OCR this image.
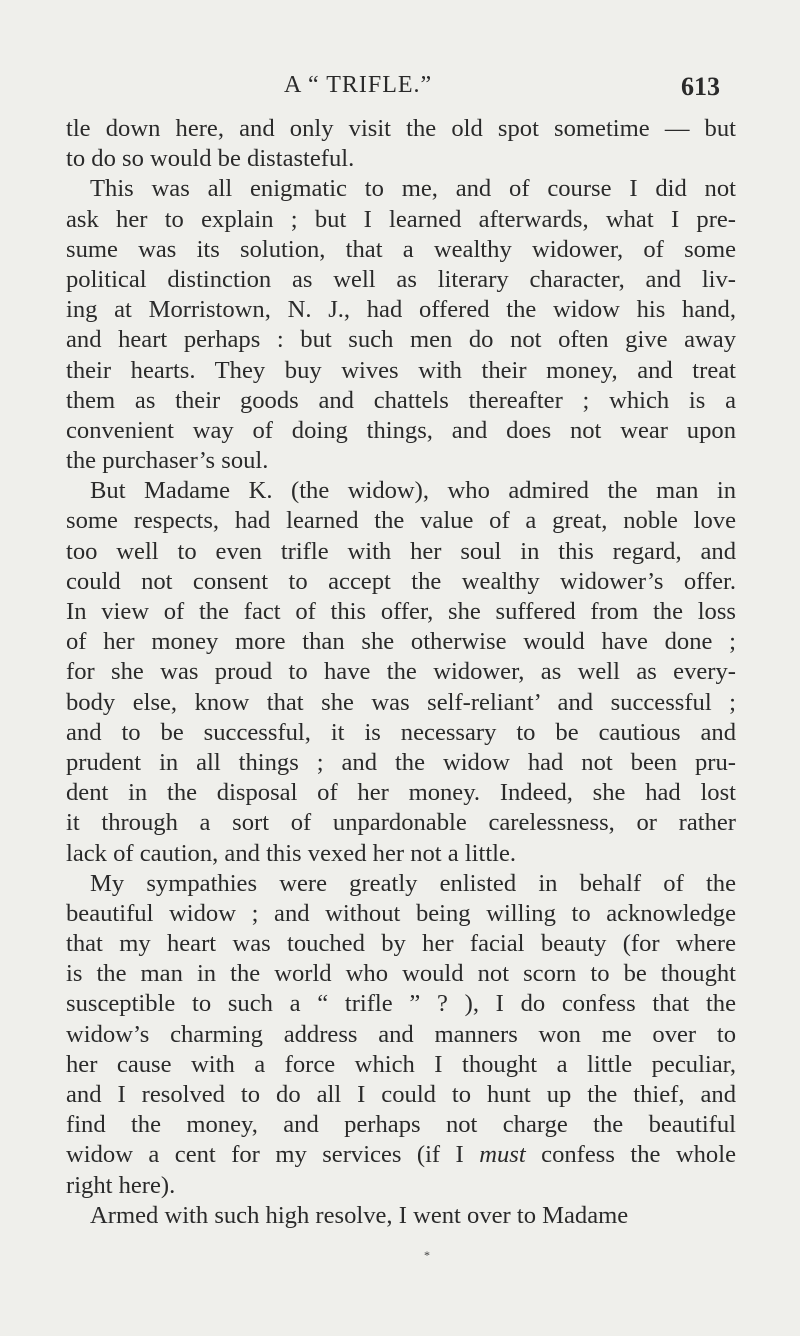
A “ TRIFLE.”	613
tle down here, and only visit the old spot sometime — but
to do so would be distasteful.
This was all enigmatic to me, and of course I did not
ask her to explain ; but I learned afterwards, what I pre-
sume was its solution, that a wealthy widower, of some
political distinction as well as literary character, and liv-
ing at Morristown, N. J., had offered the widow his hand,
and heart perhaps : but such men do not often give away
their hearts. They buy wives with their money, and treat
them as their goods and chattels thereafter ; which is a
convenient way of doing things, and does not wear upon
the purchaser’s soul.
But Madame K. (the widow), who admired the man in
some respects, had learned the value of a great, noble love
too well to even trifle with her soul in this regard, and
could not consent to accept the wealthy widower’s offer.
In view of the fact of this offer, she suffered from the loss
of her money more than she otherwise would have done ;
for she was proud to have the widower, as well as every-
body else, know that she was self-reliant’ and successful ;
and to be successful, it is necessary to be cautious and
prudent in all things ; and the widow had not been pru-
dent in the disposal of her money. Indeed, she had lost
it through a sort of unpardonable carelessness, or rather
lack of caution, and this vexed her not a little.
My sympathies were greatly enlisted in behalf of the
beautiful widow ; and without being willing to acknowledge
that my heart was touched by her facial beauty (for where
is the man in the world who would not scorn to be thought
susceptible to such a “ trifle ” ? ), I do confess that the
widow’s charming address and manners won me over to
her cause with a force which I thought a little peculiar,
and I resolved to do all I could to hunt up the thief, and
find the money, and perhaps not charge the beautiful
widow a cent for my services (if I must confess the whole
right here).
Armed with such high resolve, I went over to Madame
*
